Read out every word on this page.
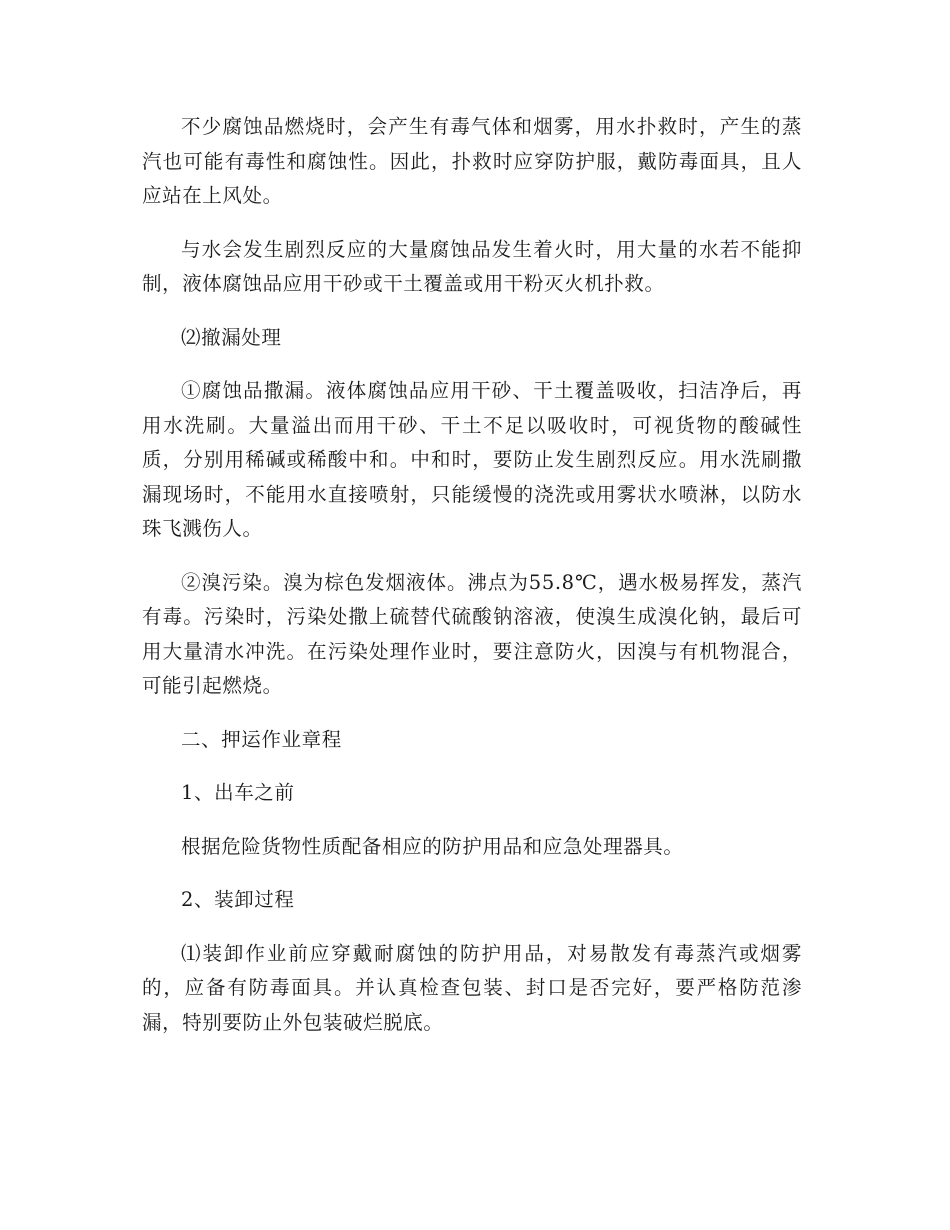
不少腐蚀品燃烧时，会产生有毒气体和烟雾，用水扑救时，产生的蒸汽也可能有毒性和腐蚀性。因此，扑救时应穿防护服，戴防毒面具，且人应站在上风处。

与水会发生剧烈反应的大量腐蚀品发生着火时，用大量的水若不能抑制，液体腐蚀品应用干砂或干土覆盖或用干粉灭火机扑救。

⑵撤漏处理

①腐蚀品撒漏。液体腐蚀品应用干砂、干土覆盖吸收，扫洁净后，再用水洗刷。大量溢出而用干砂、干土不足以吸收时，可视货物的酸碱性质，分别用稀碱或稀酸中和。中和时，要防止发生剧烈反应。用水洗刷撒漏现场时，不能用水直接喷射，只能缓慢的浇洗或用雾状水喷淋，以防水珠飞溅伤人。

②溴污染。溴为棕色发烟液体。沸点为55.8℃，遇水极易挥发，蒸汽有毒。污染时，污染处撒上硫替代硫酸钠溶液，使溴生成溴化钠，最后可用大量清水冲洗。在污染处理作业时，要注意防火，因溴与有机物混合，可能引起燃烧。

二、押运作业章程

1、出车之前

根据危险货物性质配备相应的防护用品和应急处理器具。

2、装卸过程

⑴装卸作业前应穿戴耐腐蚀的防护用品，对易散发有毒蒸汽或烟雾的，应备有防毒面具。并认真检查包装、封口是否完好，要严格防范渗漏，特别要防止外包装破烂脱底。
